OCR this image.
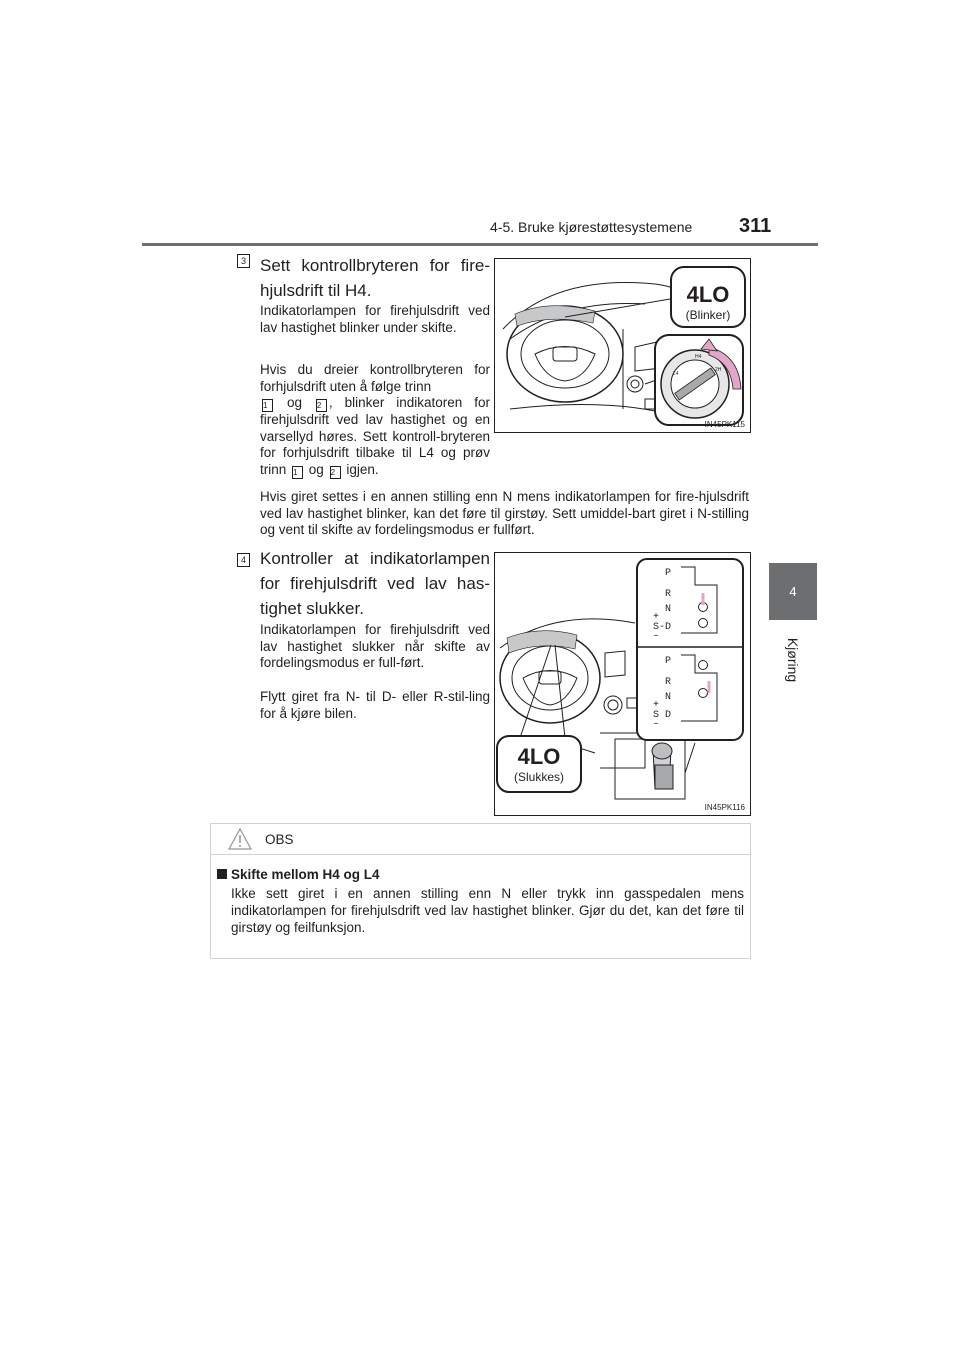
4-5. Bruke kjørestøttesystemene 311
4
Kjøring
3 Sett kontrollbryteren for fire-hjulsdrift til H4.
Indikatorlampen for firehjulsdrift ved lav hastighet blinker under skifte.
Hvis du dreier kontrollbryteren for forhjulsdrift uten å følge trinn
1 og 2 , blinker indikatoren for firehjulsdrift ved lav hastighet og en varsellyd høres. Sett kontroll-bryteren for forhjulsdrift tilbake til L4 og prøv trinn 1 og 2 igjen.
Hvis giret settes i en annen stilling enn N mens indikatorlampen for fire-hjulsdrift ved lav hastighet blinker, kan det føre til girstøy. Sett umiddel-bart giret i N-stilling og vent til skifte av fordelingsmodus er fullført.
H4
L4
2H
4LO
(Blinker)
IN45PK115
4 Kontroller at indikatorlampen for firehjulsdrift ved lav has-tighet slukker.
Indikatorlampen for firehjulsdrift ved lav hastighet slukker når skifte av fordelingsmodus er full-ført.
Flytt giret fra N- til D- eller R-stil-ling for å kjøre bilen.
P
R
N
+
S-D
–
P
R
N
+
S D
–
4LO
(Slukkes)
IN45PK116
OBS
Skifte mellom H4 og L4
Ikke sett giret i en annen stilling enn N eller trykk inn gasspedalen mens indikatorlampen for firehjulsdrift ved lav hastighet blinker. Gjør du det, kan det føre til girstøy og feilfunksjon.
